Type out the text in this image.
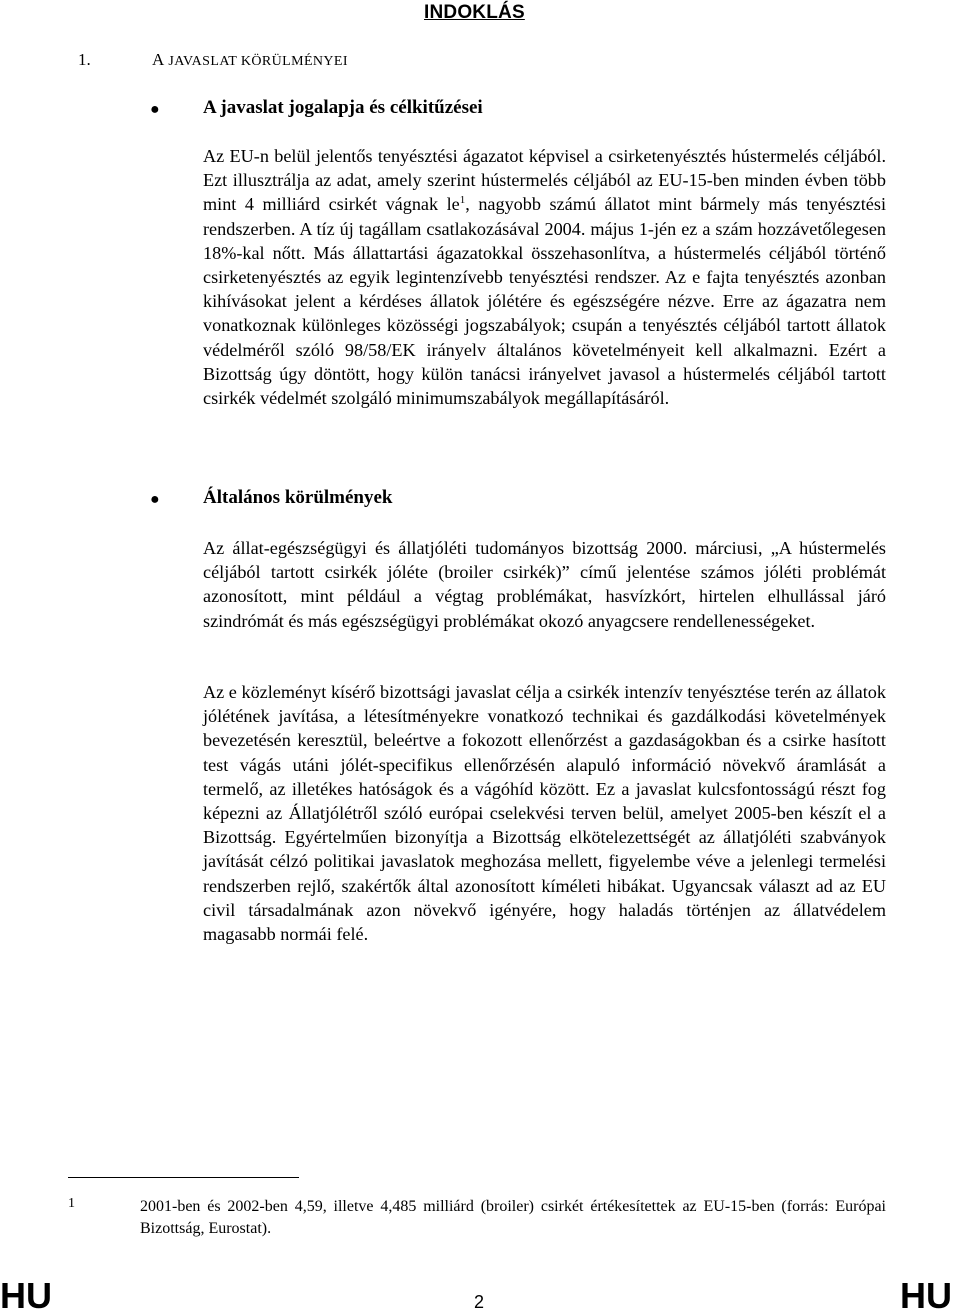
INDOKLÁS
1.	A JAVASLAT KÖRÜLMÉNYEI
● A javaslat jogalapja és célkitűzései
Az EU-n belül jelentős tenyésztési ágazatot képvisel a csirketenyésztés hústermelés céljából. Ezt illusztrálja az adat, amely szerint hústermelés céljából az EU-15-ben minden évben több mint 4 milliárd csirkét vágnak $le^1$, nagyobb számú állatot mint bármely más tenyésztési rendszerben. A tíz új tagállam csatlakozásával 2004. május 1-jén ez a szám hozzávetőlegesen 18%-kal nőtt. Más állattartási ágazatokkal összehasonlítva, a hústermelés céljából történő csirketenyésztés az egyik legintenzívebb tenyésztési rendszer. Az e fajta tenyésztés azonban kihívásokat jelent a kérdéses állatok jólétére és egészségére nézve. Erre az ágazatra nem vonatkoznak különleges közösségi jogszabályok; csupán a tenyésztés céljából tartott állatok védelméről szóló 98/58/EK irányelv általános követelményeit kell alkalmazni. Ezért a Bizottság úgy döntött, hogy külön tanácsi irányelvet javasol a hústermelés céljából tartott csirkék védelmét szolgáló minimumszabályok megállapításáról.
● Általános körülmények
Az állat-egészségügyi és állatjóléti tudományos bizottság 2000. márciusi, „A hústermelés céljából tartott csirkék jóléte (broiler csirkék)” című jelentése számos jóléti problémát azonosított, mint például a végtag problémákat, hasvízkórt, hirtelen elhullással járó szindrómát és más egészségügyi problémákat okozó anyagcsere rendellenességeket.
Az e közleményt kísérő bizottsági javaslat célja a csirkék intenzív tenyésztése terén az állatok jólétének javítása, a létesítményekre vonatkozó technikai és gazdálkodási követelmények bevezetésén keresztül, beleértve a fokozott ellenőrzést a gazdaságokban és a csirke hasított test vágás utáni jólét-specifikus ellenőrzésén alapuló információ növekvő áramlását a termelő, az illetékes hatóságok és a vágóhíd között. Ez a javaslat kulcsfontosságú részt fog képezni az Állatjólétről szóló európai cselekvési terven belül, amelyet 2005-ben készít el a Bizottság. Egyértelműen bizonyítja a Bizottság elkötelezettségét az állatjóléti szabványok javítását célzó politikai javaslatok meghozása mellett, figyelembe véve a jelenlegi termelési rendszerben rejlő, szakértők által azonosított kíméleti hibákat. Ugyancsak választ ad az EU civil társadalmának azon növekvő igényére, hogy haladás történjen az állatvédelem magasabb normái felé.
1	2001-ben és 2002-ben 4,59, illetve 4,485 milliárd (broiler) csirkét értékesítettek az EU-15-ben (forrás: Európai Bizottság, Eurostat).
HU	2	HU
